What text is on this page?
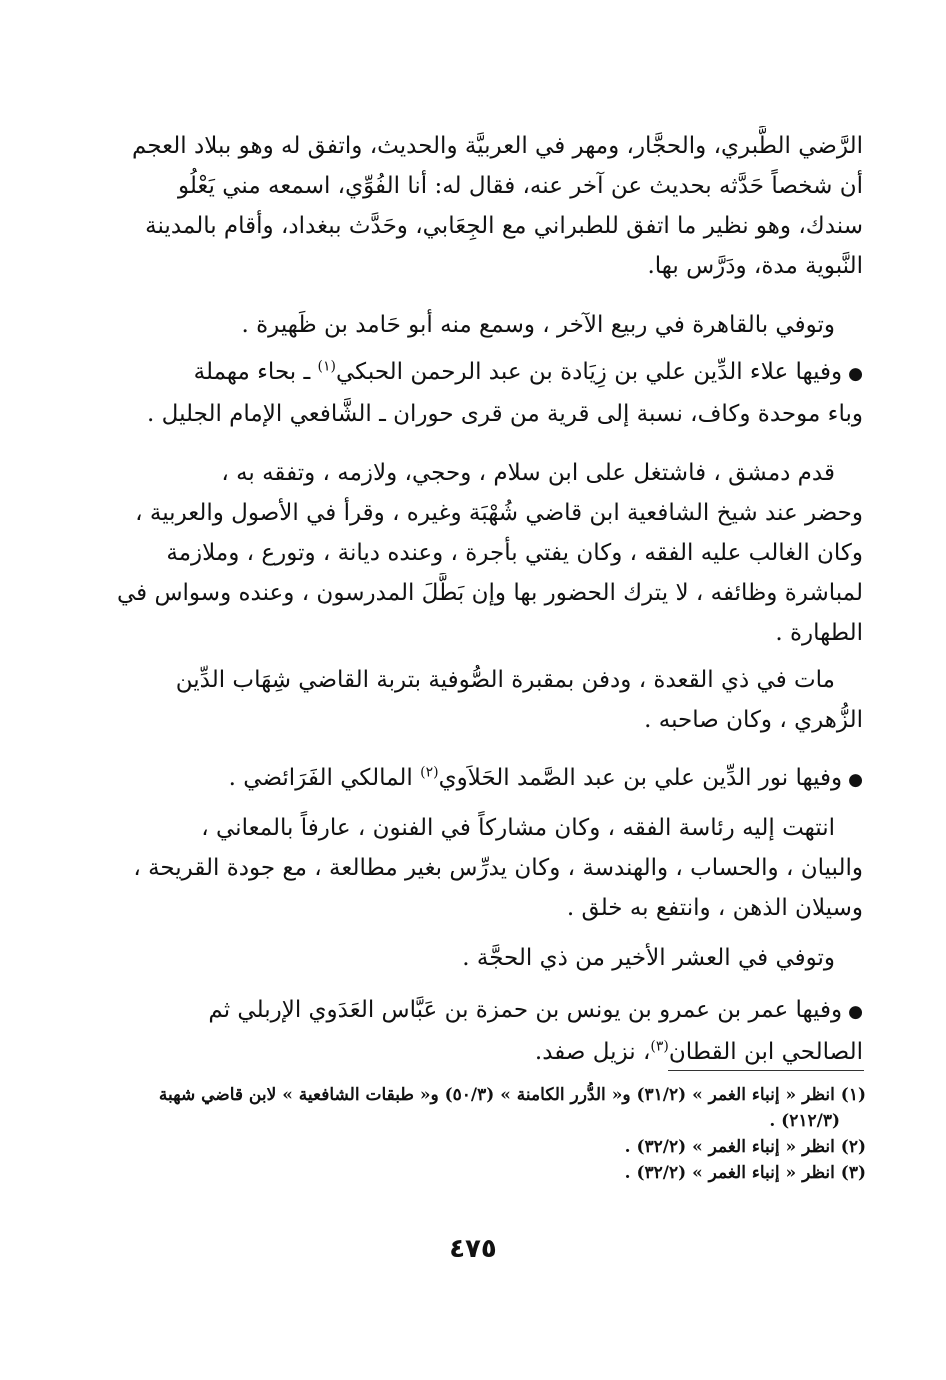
الرَّضي الطَّبري، والحجَّار، ومهر في العربيَّة والحديث، واتفق له وهو ببلاد العجم
أن شخصاً حَدَّثه بحديث عن آخر عنه، فقال له: أنا الفُوِّي، اسمعه مني يَعْلُو
سندك، وهو نظير ما اتفق للطبراني مع الجِعَابي، وحَدَّث ببغداد، وأقام بالمدينة
النَّبوية مدة، ودَرَّس بها.
وتوفي بالقاهرة في ربيع الآخر ، وسمع منه أبو حَامد بن ظَهيرة .
●وفيها علاء الدِّين علي بن زِيَادة بن عبد الرحمن الحبكي$^{(١)}$ ـ بحاء مهملة
وباء موحدة وكاف، نسبة إلى قرية من قرى حوران ـ الشَّافعي الإمام الجليل .
قدم دمشق ، فاشتغل على ابن سلام ، وحجي، ولازمه ، وتفقه به ،
وحضر عند شيخ الشافعية ابن قاضي شُهْبَة وغيره ، وقرأ في الأصول والعربية ،
وكان الغالب عليه الفقه ، وكان يفتي بأجرة ، وعنده ديانة ، وتورع ، وملازمة
لمباشرة وظائفه ، لا يترك الحضور بها وإن بَطَّلَ المدرسون ، وعنده وسواس في
الطهارة .
مات في ذي القعدة ، ودفن بمقبرة الصُّوفية بتربة القاضي شِهَاب الدِّين
الزُّهري ، وكان صاحبه .
●وفيها نور الدِّين علي بن عبد الصَّمد الحَلاَوي$^{(٢)}$ المالكي الفَرَائضي .
انتهت إليه رئاسة الفقه ، وكان مشاركاً في الفنون ، عارفاً بالمعاني ،
والبيان ، والحساب ، والهندسة ، وكان يدرِّس بغير مطالعة ، مع جودة القريحة ،
وسيلان الذهن ، وانتفع به خلق .
وتوفي في العشر الأخير من ذي الحجَّة .
●وفيها عمر بن عمرو بن يونس بن حمزة بن عَبَّاس العَدَوي الإربلي ثم
الصالحي ابن القطان$^{(٣)}$، نزيل صفد.
(١) انظر « إنباء الغمر » (٣١/٢) و« الدُّرر الكامنة » (٥٠/٣) و« طبقات الشافعية » لابن قاضي شهبة
(٢١٢/٣) .
(٢) انظر « إنباء الغمر » (٣٢/٢) .
(٣) انظر « إنباء الغمر » (٣٢/٢) .
٤٧٥
